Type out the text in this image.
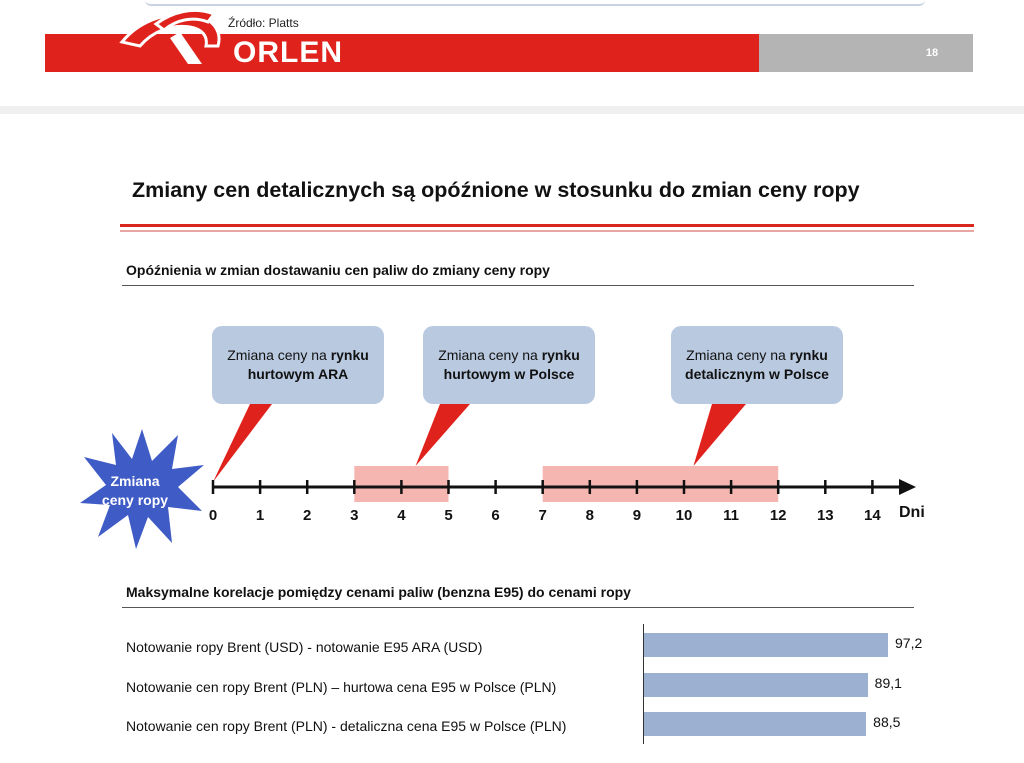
Źródło: Platts
ORLEN	18
Zmiany cen detalicznych są opóźnione w stosunku do zmian ceny ropy
Opóźnienia w zmian dostawaniu cen paliw do zmiany ceny ropy
Zmiana ceny na rynku
hurtowym ARA
Zmiana ceny na rynku
hurtowym w Polsce
Zmiana ceny na rynku
detalicznym w Polsce
Zmiana
ceny ropy
0	1	2	3	4	5	6	7	8	9	10	11	12	13	14	Dni
Maksymalne korelacje pomiędzy cenami paliw (benzna E95) do cenami ropy
Notowanie ropy Brent (USD) - notowanie E95 ARA (USD)
Notowanie cen ropy Brent (PLN) – hurtowa cena E95 w Polsce (PLN)
Notowanie cen ropy Brent (PLN) - detaliczna cena E95 w Polsce (PLN)
97,2
89,1
88,5
